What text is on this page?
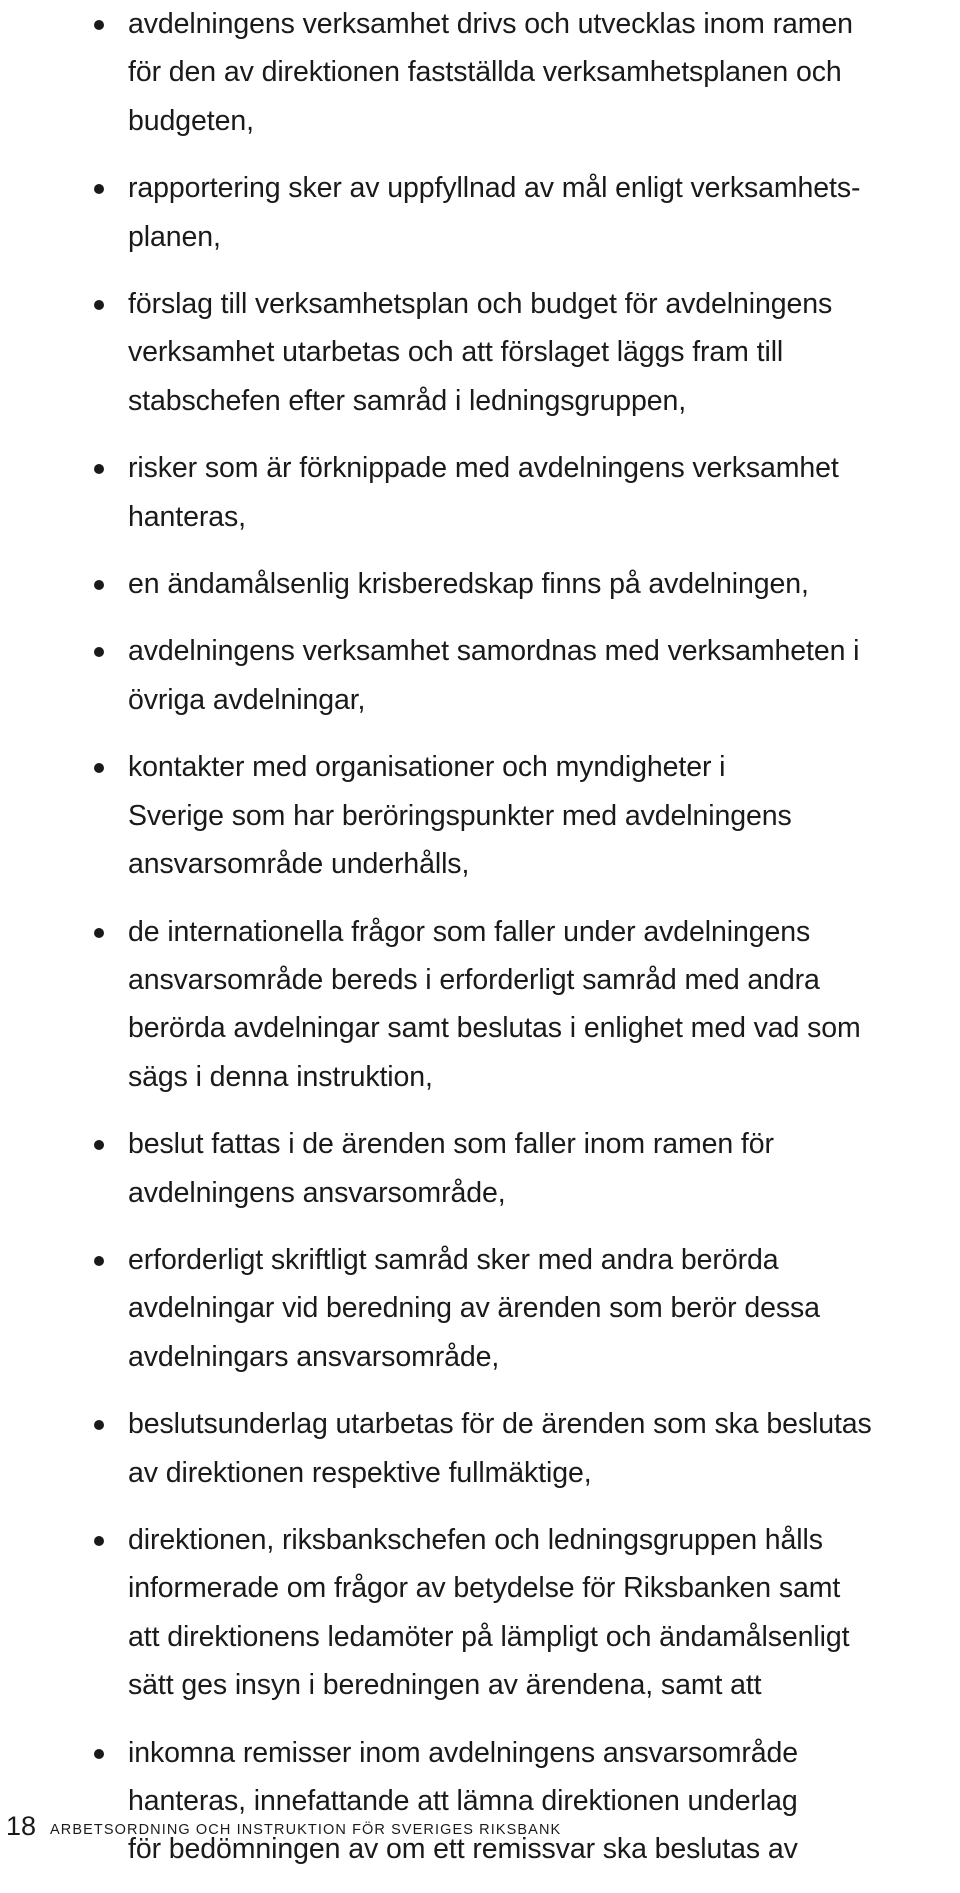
avdelningens verksamhet drivs och utvecklas inom ramen
för den av direktionen fastställda verksamhetsplanen och
budgeten,
rapportering sker av uppfyllnad av mål enligt verksamhets-
planen,
förslag till verksamhetsplan och budget för avdelningens
verksamhet utarbetas och att förslaget läggs fram till
stabschefen efter samråd i ledningsgruppen,
risker som är förknippade med avdelningens verksamhet
hanteras,
en ändamålsenlig krisberedskap finns på avdelningen,
avdelningens verksamhet samordnas med verksamheten i
övriga avdelningar,
kontakter med organisationer och myndigheter i
Sverige som har beröringspunkter med avdelningens
ansvarsområde underhålls,
de internationella frågor som faller under avdelningens
ansvarsområde bereds i erforderligt samråd med andra
berörda avdelningar samt beslutas i enlighet med vad som
sägs i denna instruktion,
beslut fattas i de ärenden som faller inom ramen för
avdelningens ansvarsområde,
erforderligt skriftligt samråd sker med andra berörda
avdelningar vid beredning av ärenden som berör dessa
avdelningars ansvarsområde,
beslutsunderlag utarbetas för de ärenden som ska beslutas
av direktionen respektive fullmäktige,
direktionen, riksbankschefen och ledningsgruppen hålls
informerade om frågor av betydelse för Riksbanken samt
att direktionens ledamöter på lämpligt och ändamålsenligt
sätt ges insyn i beredningen av ärendena, samt att
inkomna remisser inom avdelningens ansvarsområde
hanteras, innefattande att lämna direktionen underlag
för bedömningen av om ett remissvar ska beslutas av
18 ARBETSORDNING OCH INSTRUKTION FÖR SVERIGES RIKSBANK
